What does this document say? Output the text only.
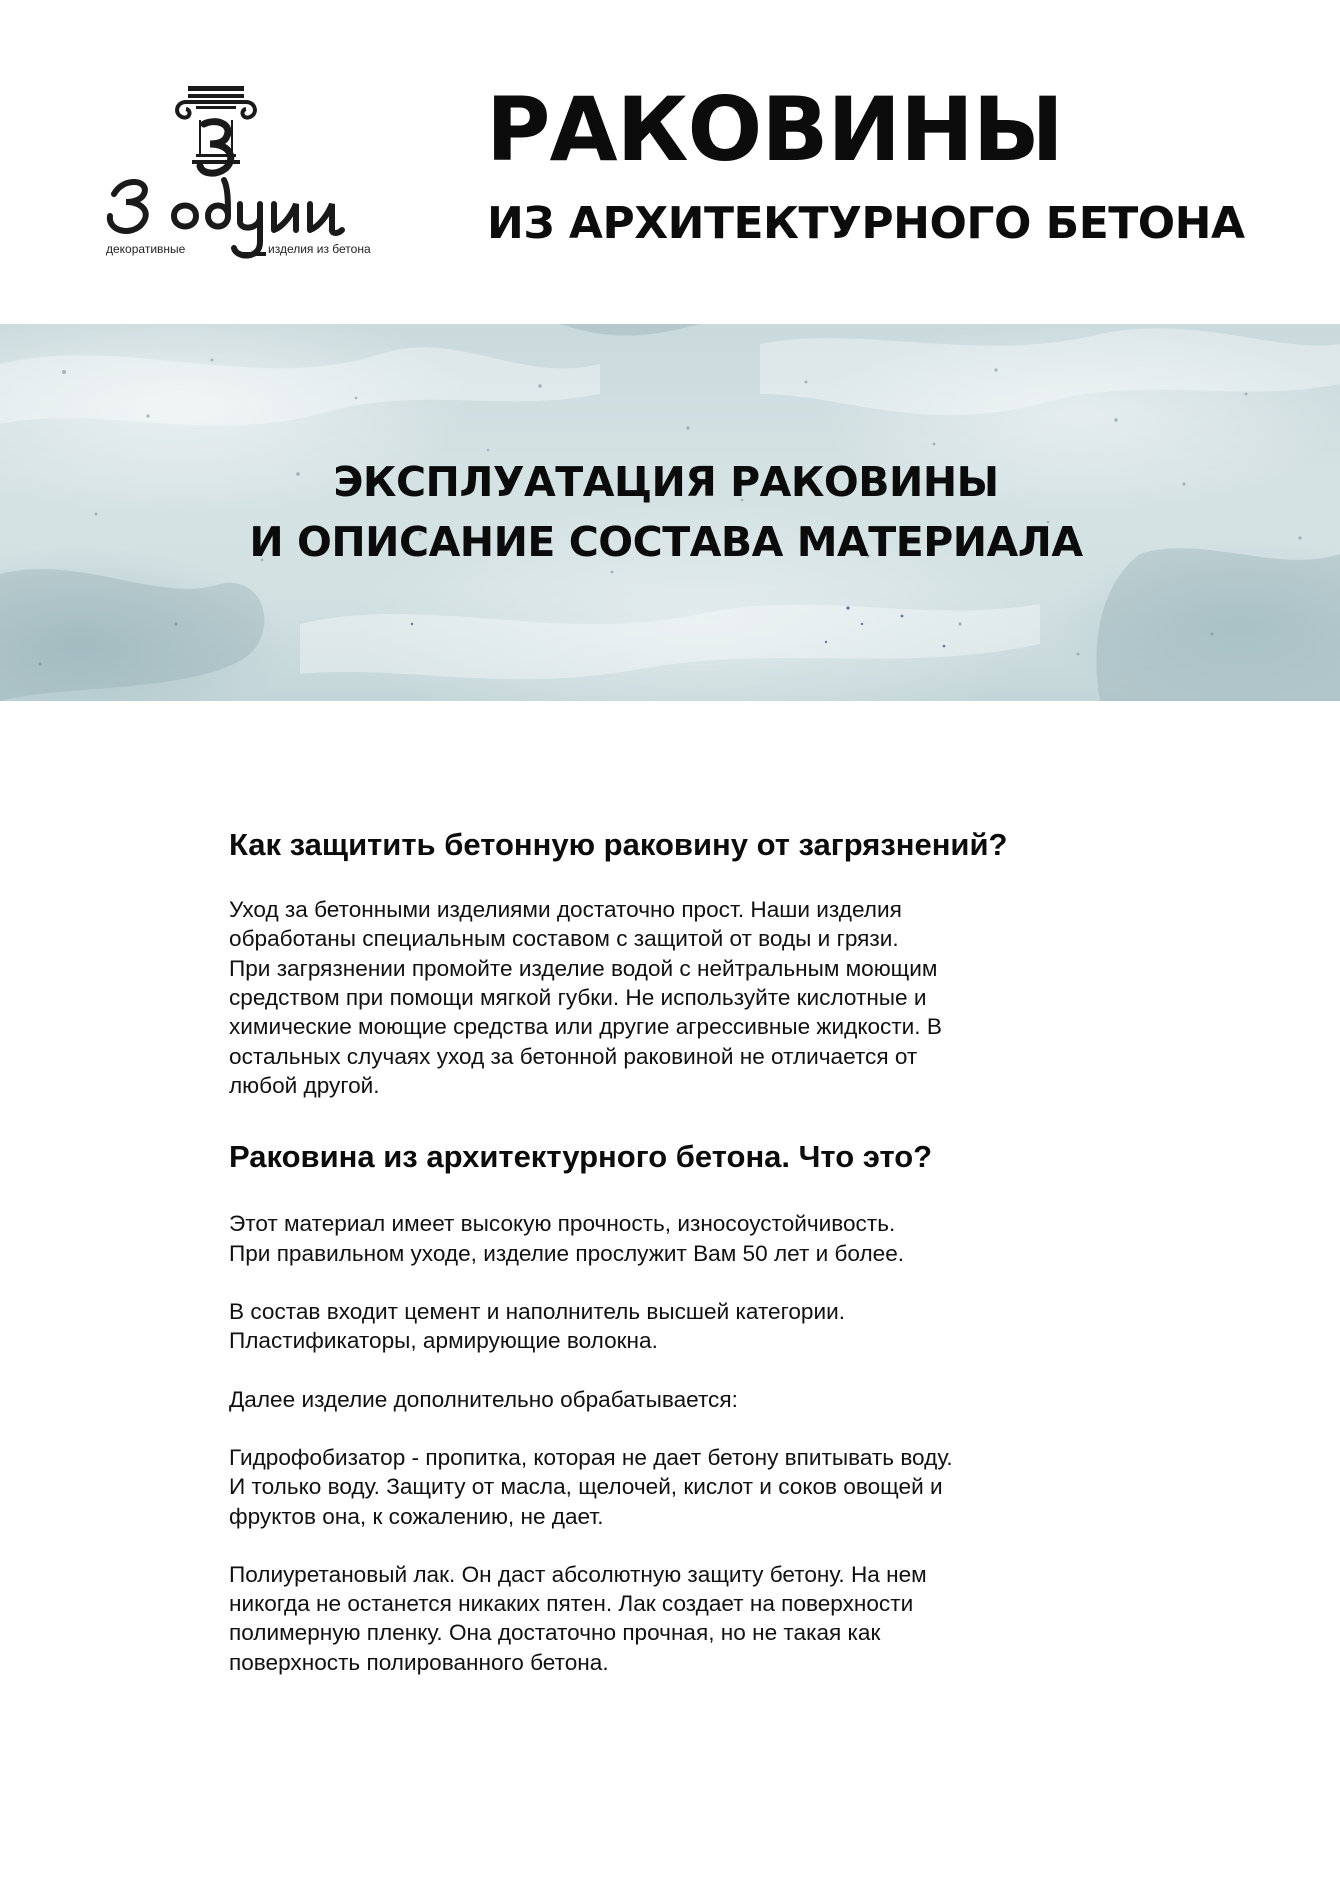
декоративные	изделия из бетона
РАКОВИНЫ
ИЗ АРХИТЕКТУРНОГО БЕТОНА
ЭКСПЛУАТАЦИЯ РАКОВИНЫ
И ОПИСАНИЕ СОСТАВА МАТЕРИАЛА
Как защитить бетонную раковину от загрязнений?

Уход за бетонными изделиями достаточно прост. Наши изделия
обработаны специальным составом с защитой от воды и грязи.
При загрязнении промойте изделие водой с нейтральным моющим
средством при помощи мягкой губки. Не используйте кислотные и
химические моющие средства или другие агрессивные жидкости. В
остальных случаях уход за бетонной раковиной не отличается от
любой другой.

Раковина из архитектурного бетона. Что это?

Этот материал имеет высокую прочность, износоустойчивость.
При правильном уходе, изделие прослужит Вам 50 лет и более.

В состав входит цемент и наполнитель высшей категории.
Пластификаторы, армирующие волокна.

Далее изделие дополнительно обрабатывается:

Гидрофобизатор - пропитка, которая не дает бетону впитывать воду.
И только воду. Защиту от масла, щелочей, кислот и соков овощей и
фруктов она, к сожалению, не дает.

Полиуретановый лак. Он даст абсолютную защиту бетону. На нем
никогда не останется никаких пятен. Лак создает на поверхности
полимерную пленку. Она достаточно прочная, но не такая как
поверхность полированного бетона.
